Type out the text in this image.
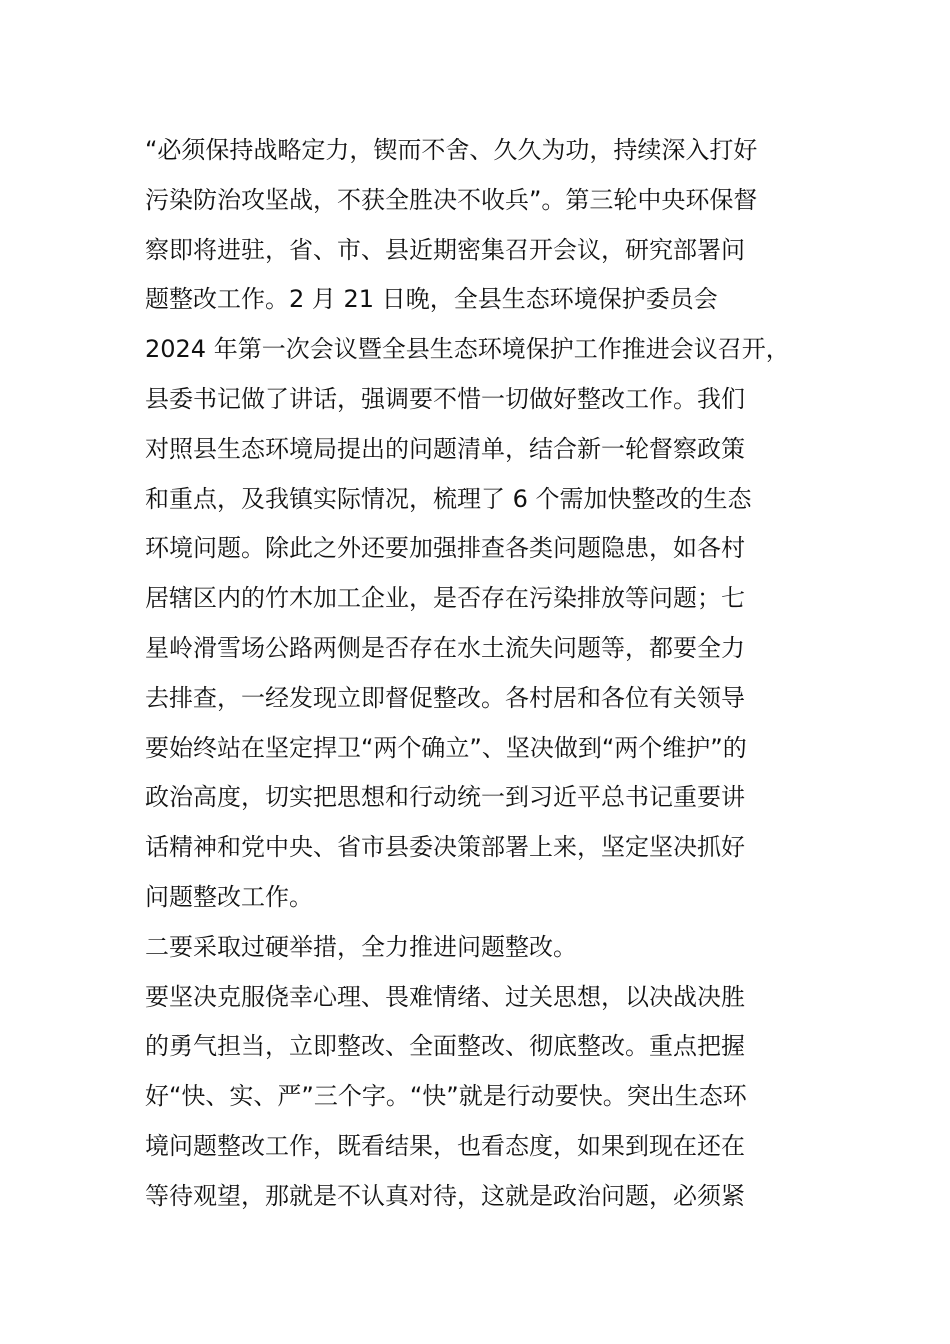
“必须保持战略定力，锲而不舍、久久为功，持续深入打好
污染防治攻坚战，不获全胜决不收兵”。第三轮中央环保督
察即将进驻，省、市、县近期密集召开会议，研究部署问
题整改工作。2 月 21 日晚，全县生态环境保护委员会
2024 年第一次会议暨全县生态环境保护工作推进会议召开，
县委书记做了讲话，强调要不惜一切做好整改工作。我们
对照县生态环境局提出的问题清单，结合新一轮督察政策
和重点，及我镇实际情况，梳理了 6 个需加快整改的生态
环境问题。除此之外还要加强排查各类问题隐患，如各村
居辖区内的竹木加工企业，是否存在污染排放等问题；七
星岭滑雪场公路两侧是否存在水土流失问题等，都要全力
去排查，一经发现立即督促整改。各村居和各位有关领导
要始终站在坚定捍卫“两个确立”、坚决做到“两个维护”的
政治高度，切实把思想和行动统一到习近平总书记重要讲
话精神和党中央、省市县委决策部署上来，坚定坚决抓好
问题整改工作。
二要采取过硬举措，全力推进问题整改。
要坚决克服侥幸心理、畏难情绪、过关思想，以决战决胜
的勇气担当，立即整改、全面整改、彻底整改。重点把握
好“快、实、严”三个字。“快”就是行动要快。突出生态环
境问题整改工作，既看结果，也看态度，如果到现在还在
等待观望，那就是不认真对待，这就是政治问题，必须紧
